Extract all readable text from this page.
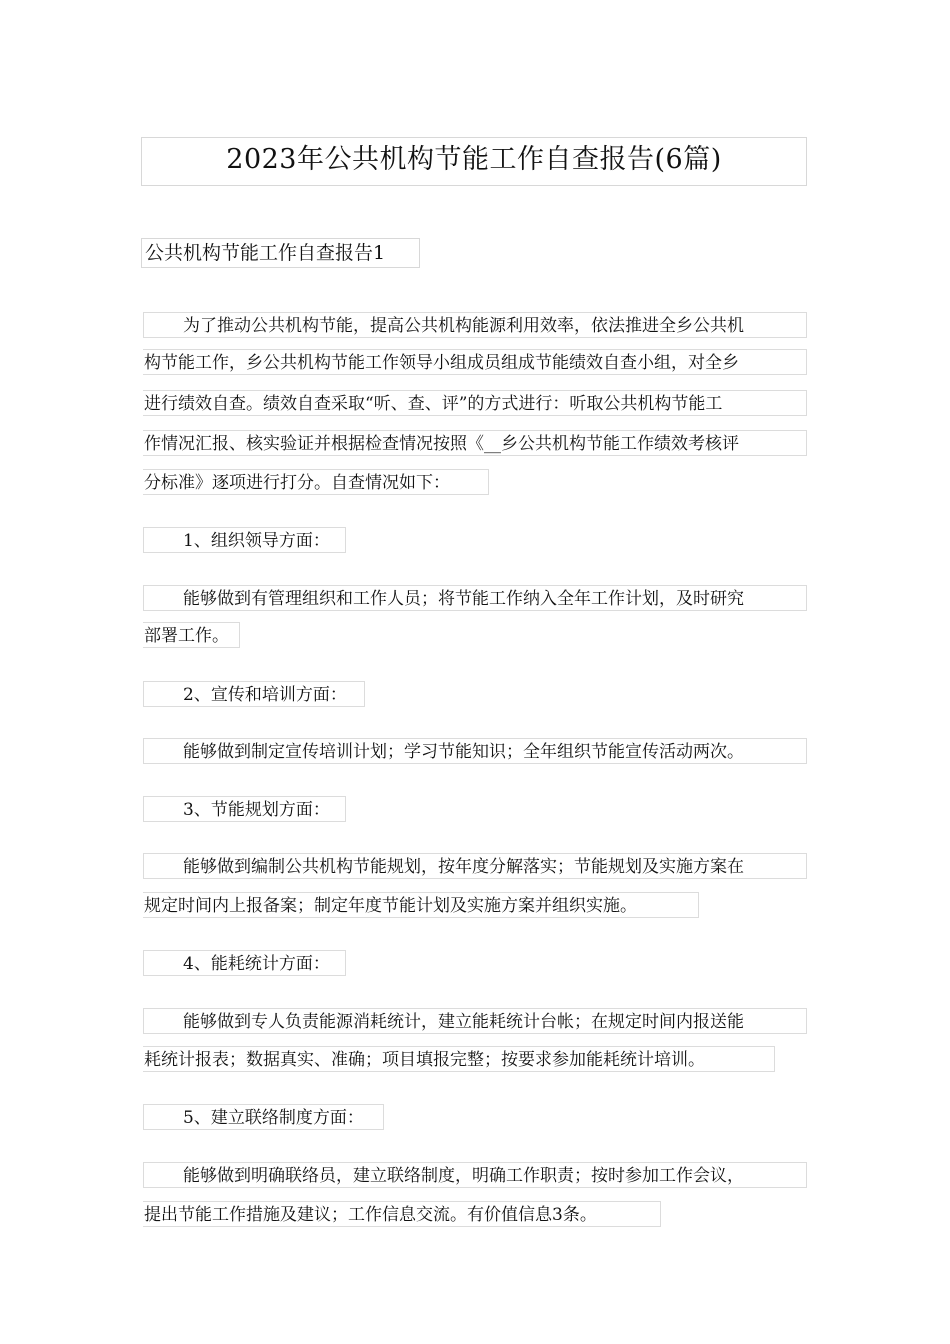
2023年公共机构节能工作自查报告(6篇)
公共机构节能工作自查报告1
为了推动公共机构节能，提高公共机构能源利用效率，依法推进全乡公共机
构节能工作，乡公共机构节能工作领导小组成员组成节能绩效自查小组，对全乡
进行绩效自查。绩效自查采取“听、查、评”的方式进行：听取公共机构节能工
作情况汇报、核实验证并根据检查情况按照《__乡公共机构节能工作绩效考核评
分标准》逐项进行打分。自查情况如下：
1、组织领导方面：
能够做到有管理组织和工作人员；将节能工作纳入全年工作计划，及时研究
部署工作。
2、宣传和培训方面：
能够做到制定宣传培训计划；学习节能知识；全年组织节能宣传活动两次。
3、节能规划方面：
能够做到编制公共机构节能规划，按年度分解落实；节能规划及实施方案在
规定时间内上报备案；制定年度节能计划及实施方案并组织实施。
4、能耗统计方面：
能够做到专人负责能源消耗统计，建立能耗统计台帐；在规定时间内报送能
耗统计报表；数据真实、准确；项目填报完整；按要求参加能耗统计培训。
5、建立联络制度方面：
能够做到明确联络员，建立联络制度，明确工作职责；按时参加工作会议，
提出节能工作措施及建议；工作信息交流。有价值信息3条。
